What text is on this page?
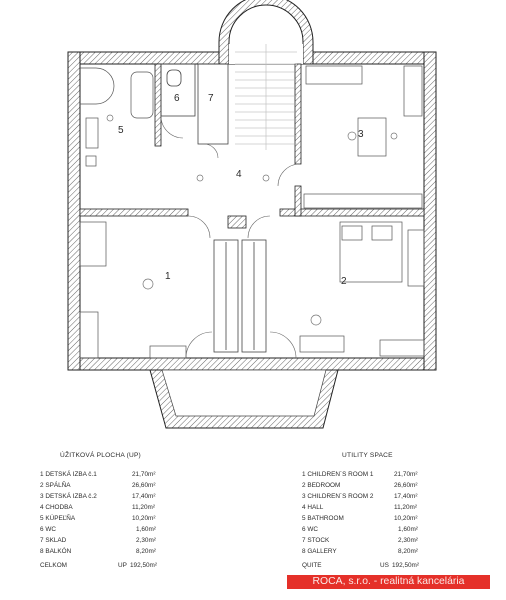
1	2
3
4
5
6	7
ÚŽITKOVÁ PLOCHA (UP)
1 DETSKÁ IZBA č.1	21,70m²
2 SPÁLŇA	26,60m²
3 DETSKÁ IZBA č.2	17,40m²
4 CHODBA	11,20m²
5 KÚPEĽŇA	10,20m²
6 WC	1,60m²
7 SKLAD	2,30m²
8 BALKÓN	8,20m²
CELKOM	UP 192,50m²
UTILITY SPACE
1 CHILDREN´S ROOM 1	21,70m²
2 BEDROOM	26,60m²
3 CHILDREN´S ROOM 2	17,40m²
4 HALL	11,20m²
5 BATHROOM	10,20m²
6 WC	1,60m²
7 STOCK	2,30m²
8 GALLERY	8,20m²
QUITE	US 192,50m²
ROCA, s.r.o. - realitná kancelária
